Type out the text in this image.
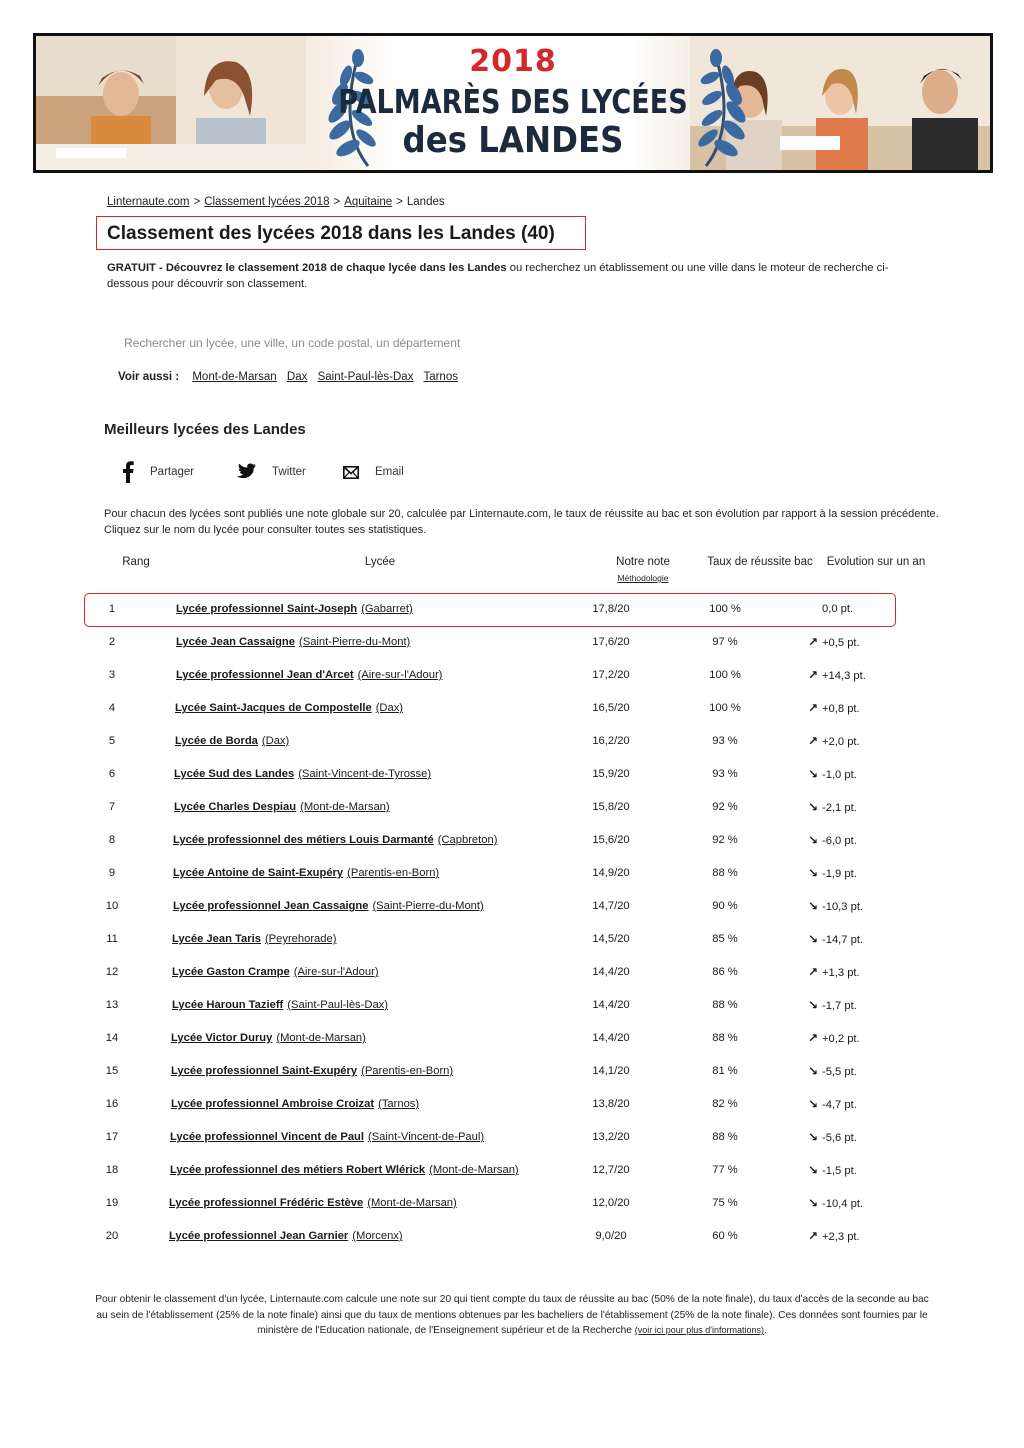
2018
PALMARÈS DES LYCÉES
des LANDES
Linternaute.com > Classement lycées 2018 > Aquitaine > Landes
Classement des lycées 2018 dans les Landes (40)
GRATUIT - Découvrez le classement 2018 de chaque lycée dans les Landes ou recherchez un établissement ou une ville dans le moteur de recherche ci-dessous pour découvrir son classement.
Rechercher un lycée, une ville, un code postal, un département
Voir aussi : Mont-de-Marsan Dax Saint-Paul-lès-Dax Tarnos
Meilleurs lycées des Landes
Partager	Twitter	Email
Pour chacun des lycées sont publiés une note globale sur 20, calculée par Linternaute.com, le taux de réussite au bac et son évolution par rapport à la session précédente. Cliquez sur le nom du lycée pour consulter toutes ses statistiques.
Rang	Lycée	Notre note
Méthodologie
Taux de réussite bac	Evolution sur un an
1	Lycée professionnel Saint-Joseph (Gabarret)	17,8/20	100 %	0,0 pt.
2	Lycée Jean Cassaigne (Saint-Pierre-du-Mont)	17,6/20	97 %	↗ +0,5 pt.
3	Lycée professionnel Jean d'Arcet (Aire-sur-l'Adour)	17,2/20	100 %	↗ +14,3 pt.
4	Lycée Saint-Jacques de Compostelle (Dax)	16,5/20	100 %	↗ +0,8 pt.
5	Lycée de Borda (Dax)	16,2/20	93 %	↗ +2,0 pt.
6	Lycée Sud des Landes (Saint-Vincent-de-Tyrosse)	15,9/20	93 %	↘ -1,0 pt.
7	Lycée Charles Despiau (Mont-de-Marsan)	15,8/20	92 %	↘ -2,1 pt.
8	Lycée professionnel des métiers Louis Darmanté (Capbreton)	15,6/20	92 %	↘ -6,0 pt.
9	Lycée Antoine de Saint-Exupéry (Parentis-en-Born)	14,9/20	88 %	↘ -1,9 pt.
10	Lycée professionnel Jean Cassaigne (Saint-Pierre-du-Mont)	14,7/20	90 %	↘ -10,3 pt.
11	Lycée Jean Taris (Peyrehorade)	14,5/20	85 %	↘ -14,7 pt.
12	Lycée Gaston Crampe (Aire-sur-l'Adour)	14,4/20	86 %	↗ +1,3 pt.
13	Lycée Haroun Tazieff (Saint-Paul-lès-Dax)	14,4/20	88 %	↘ -1,7 pt.
14	Lycée Victor Duruy (Mont-de-Marsan)	14,4/20	88 %	↗ +0,2 pt.
15	Lycée professionnel Saint-Exupéry (Parentis-en-Born)	14,1/20	81 %	↘ -5,5 pt.
16	Lycée professionnel Ambroise Croizat (Tarnos)	13,8/20	82 %	↘ -4,7 pt.
17	Lycée professionnel Vincent de Paul (Saint-Vincent-de-Paul)	13,2/20	88 %	↘ -5,6 pt.
18	Lycée professionnel des métiers Robert Wlérick (Mont-de-Marsan)	12,7/20	77 %	↘ -1,5 pt.
19	Lycée professionnel Frédéric Estève (Mont-de-Marsan)	12,0/20	75 %	↘ -10,4 pt.
20	Lycée professionnel Jean Garnier (Morcenx)	9,0/20	60 %	↗ +2,3 pt.
Pour obtenir le classement d'un lycée, Linternaute.com calcule une note sur 20 qui tient compte du taux de réussite au bac (50% de la note finale), du taux d'accès de la seconde au bac au sein de l'établissement (25% de la note finale) ainsi que du taux de mentions obtenues par les bacheliers de l'établissement (25% de la note finale). Ces données sont fournies par le ministère de l'Education nationale, de l'Enseignement supérieur et de la Recherche (voir ici pour plus d'informations).
